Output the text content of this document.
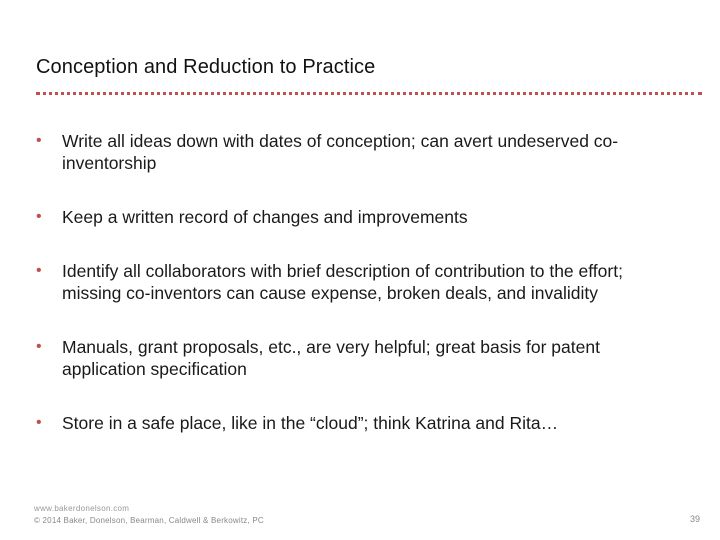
Conception and Reduction to Practice
• Write all ideas down with dates of conception; can avert undeserved co-inventorship
• Keep a written record of changes and improvements
• Identify all collaborators with brief description of contribution to the effort; missing co-inventors can cause expense, broken deals, and invalidity
• Manuals, grant proposals, etc., are very helpful; great basis for patent application specification
• Store in a safe place, like in the “cloud”; think Katrina and Rita…
www.bakerdonelson.com
© 2014 Baker, Donelson, Bearman, Caldwell & Berkowitz, PC	39
